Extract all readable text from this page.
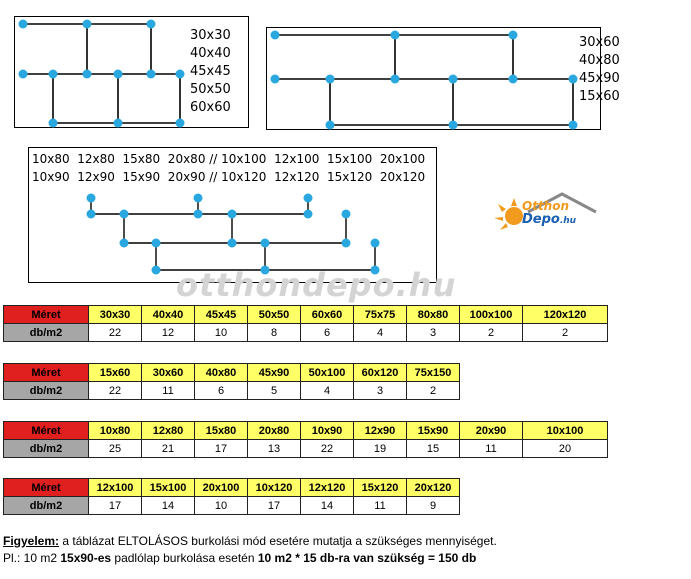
30x30
40x40
45x45
50x50
60x60
30x60
40x80
45x90
15x60
10x80  12x80  15x80  20x80 // 10x100  12x100  15x100  20x100
10x90  12x90  15x90  20x90 // 10x120  12x120  15x120  20x120
Otthon
Depo.hu
otthondepo.hu
Méret	30x30	40x40	45x45	50x50	60x60	75x75	80x80	100x100	120x120
db/m2	22	12	10	8	6	4	3	2	2
Méret	15x60	30x60	40x80	45x90	50x100	60x120	75x150
db/m2	22	11	6	5	4	3	2
Méret	10x80	12x80	15x80	20x80	10x90	12x90	15x90	20x90	10x100
db/m2	25	21	17	13	22	19	15	11	20
Méret	12x100	15x100	20x100	10x120	12x120	15x120	20x120
db/m2	17	14	10	17	14	11	9
Figyelem: a táblázat ELTOLÁSOS burkolási mód esetére mutatja a szükséges mennyiséget.
Pl.: 10 m2 15x90-es padlólap burkolása esetén 10 m2 * 15 db-ra van szükség = 150 db
